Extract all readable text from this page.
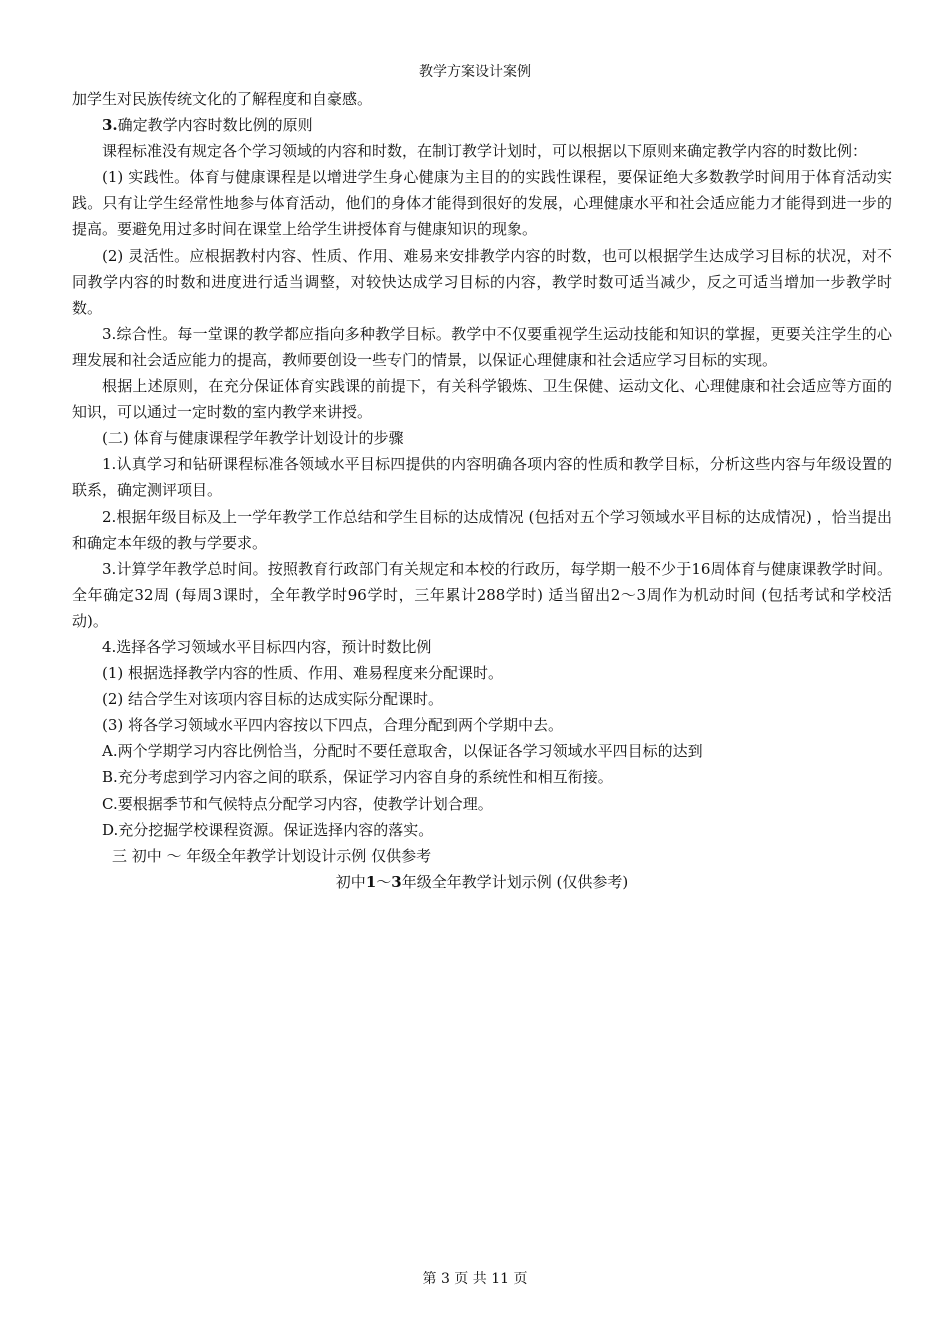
教学方案设计案例

加学生对民族传统文化的了解程度和自豪感。

3.确定教学内容时数比例的原则

课程标准没有规定各个学习领域的内容和时数，在制订教学计划时，可以根据以下原则来确定教学内容的时数比例：

(1) 实践性。体育与健康课程是以增进学生身心健康为主目的的实践性课程，要保证绝大多数教学时间用于体育活动实践。只有让学生经常性地参与体育活动，他们的身体才能得到很好的发展，心理健康水平和社会适应能力才能得到进一步的提高。要避免用过多时间在课堂上给学生讲授体育与健康知识的现象。

(2) 灵活性。应根据教村内容、性质、作用、难易来安排教学内容的时数，也可以根据学生达成学习目标的状况，对不同教学内容的时数和进度进行适当调整，对较快达成学习目标的内容，教学时数可适当减少，反之可适当增加一步教学时数。

3.综合性。每一堂课的教学都应指向多种教学目标。教学中不仅要重视学生运动技能和知识的掌握，更要关注学生的心理发展和社会适应能力的提高，教师要创设一些专门的情景，以保证心理健康和社会适应学习目标的实现。

根据上述原则，在充分保证体育实践课的前提下，有关科学锻炼、卫生保健、运动文化、心理健康和社会适应等方面的知识，可以通过一定时数的室内教学来讲授。

(二) 体育与健康课程学年教学计划设计的步骤

1.认真学习和钻研课程标准各领域水平目标四提供的内容明确各项内容的性质和教学目标，分析这些内容与年级设置的联系，确定测评项目。

2.根据年级目标及上一学年教学工作总结和学生目标的达成情况 (包括对五个学习领域水平目标的达成情况) ，恰当提出和确定本年级的教与学要求。

3.计算学年教学总时间。按照教育行政部门有关规定和本校的行政历，每学期一般不少于16周体育与健康课教学时间。全年确定32周 (每周3课时，全年教学时96学时，三年累计288学时) 适当留出2～3周作为机动时间 (包括考试和学校活动)。

4.选择各学习领域水平目标四内容，预计时数比例

(1) 根据选择教学内容的性质、作用、难易程度来分配课时。

(2) 结合学生对该项内容目标的达成实际分配课时。

(3) 将各学习领域水平四内容按以下四点，合理分配到两个学期中去。

A.两个学期学习内容比例恰当，分配时不要任意取舍，以保证各学习领域水平四目标的达到

B.充分考虑到学习内容之间的联系，保证学习内容自身的系统性和相互衔接。

C.要根据季节和气候特点分配学习内容，使教学计划合理。

D.充分挖掘学校课程资源。保证选择内容的落实。

三 初中 ～ 年级全年教学计划设计示例 仅供参考

初中1～3年级全年教学计划示例 (仅供参考)

第 3 页 共 11 页
